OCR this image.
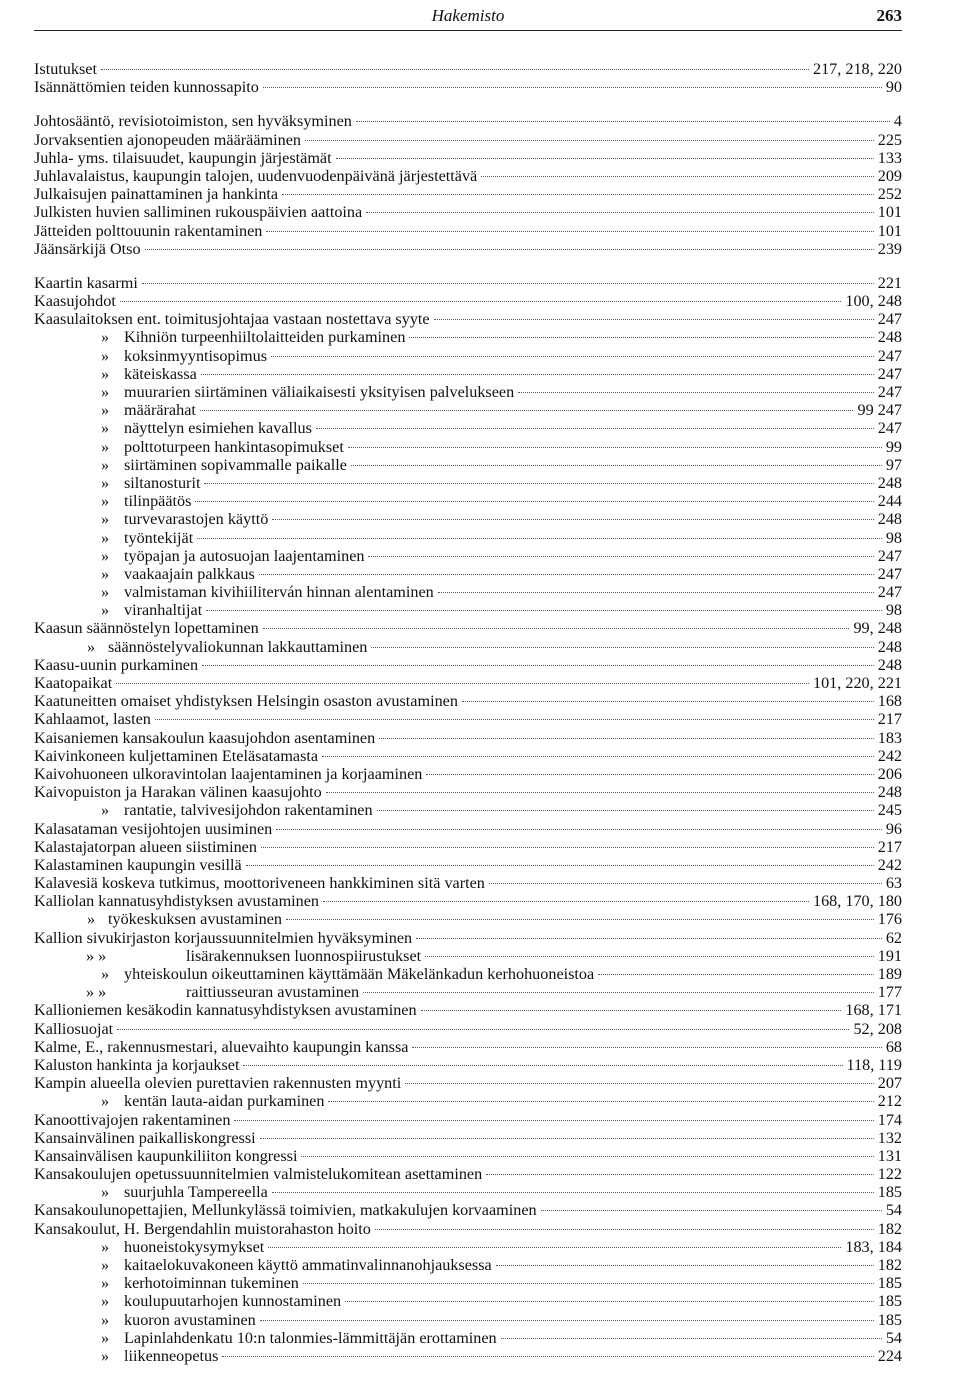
Hakemisto	263
Istutukset	217, 218, 220
Isännättömien teiden kunnossapito	90
Johtosääntö, revisiotoimiston, sen hyväksyminen	4
Jorvaksentien ajonopeuden määrääminen	225
Juhla- yms. tilaisuudet, kaupungin järjestämät	133
Juhlavalaistus, kaupungin talojen, uudenvuodenpäivänä järjestettävä	209
Julkaisujen painattaminen ja hankinta	252
Julkisten huvien salliminen rukouspäivien aattoina	101
Jätteiden polttouunin rakentaminen	101
Jäänsärkijä Otso	239
Kaartin kasarmi	221
Kaasujohdot	100, 248
Kaasulaitoksen ent. toimitusjohtajaa vastaan nostettava syyte	247
» Kihniön turpeenhiiltolaitteiden purkaminen	248
» koksinmyyntisopimus	247
» käteiskassa	247
» muurarien siirtäminen väliaikaisesti yksityisen palvelukseen	247
» määrärahat	99 247
» näyttelyn esimiehen kavallus	247
» polttoturpeen hankintasopimukset	99
» siirtäminen sopivammalle paikalle	97
» siltanosturit	248
» tilinpäätös	244
» turvevarastojen käyttö	248
» työntekijät	98
» työpajan ja autosuojan laajentaminen	247
» vaakaajain palkkaus	247
» valmistaman kivihiiliterván hinnan alentaminen	247
» viranhaltijat	98
Kaasun säännöstelyn lopettaminen	99, 248
» säännöstelyvaliokunnan lakkauttaminen	248
Kaasu-uunin purkaminen	248
Kaatopaikat	101, 220, 221
Kaatuneitten omaiset yhdistyksen Helsingin osaston avustaminen	168
Kahlaamot, lasten	217
Kaisaniemen kansakoulun kaasujohdon asentaminen	183
Kaivinkoneen kuljettaminen Eteläsatamasta	242
Kaivohuoneen ulkoravintolan laajentaminen ja korjaaminen	206
Kaivopuiston ja Harakan välinen kaasujohto	248
» rantatie, talvivesijohdon rakentaminen	245
Kalasataman vesijohtojen uusiminen	96
Kalastajatorpan alueen siistiminen	217
Kalastaminen kaupungin vesillä	242
Kalavesiä koskeva tutkimus, moottoriveneen hankkiminen sitä varten	63
Kalliolan kannatusyhdistyksen avustaminen	168, 170, 180
» työkeskuksen avustaminen	176
Kallion sivukirjaston korjaussuunnitelmien hyväksyminen	62
» »	lisärakennuksen luonnospiirustukset	191
» yhteiskoulun oikeuttaminen käyttämään Mäkelänkadun kerhohuoneistoa	189
» »	raittiusseuran avustaminen	177
Kallioniemen kesäkodin kannatusyhdistyksen avustaminen	168, 171
Kalliosuojat	52, 208
Kalme, E., rakennusmestari, aluevaihto kaupungin kanssa	68
Kaluston hankinta ja korjaukset	118, 119
Kampin alueella olevien purettavien rakennusten myynti	207
» kentän lauta-aidan purkaminen	212
Kanoottivajojen rakentaminen	174
Kansainvälinen paikalliskongressi	132
Kansainvälisen kaupunkiliiton kongressi	131
Kansakoulujen opetussuunnitelmien valmistelukomitean asettaminen	122
» suurjuhla Tampereella	185
Kansakoulunopettajien, Mellunkylässä toimivien, matkakulujen korvaaminen	54
Kansakoulut, H. Bergendahlin muistorahaston hoito	182
» huoneistokysymykset	183, 184
» kaitaelokuvakoneen käyttö ammatinvalinnanohjauksessa	182
» kerhotoiminnan tukeminen	185
» koulupuutarhojen kunnostaminen	185
» kuoron avustaminen	185
» Lapinlahdenkatu 10:n talonmies-lämmittäjän erottaminen	54
» liikenneopetus	224
